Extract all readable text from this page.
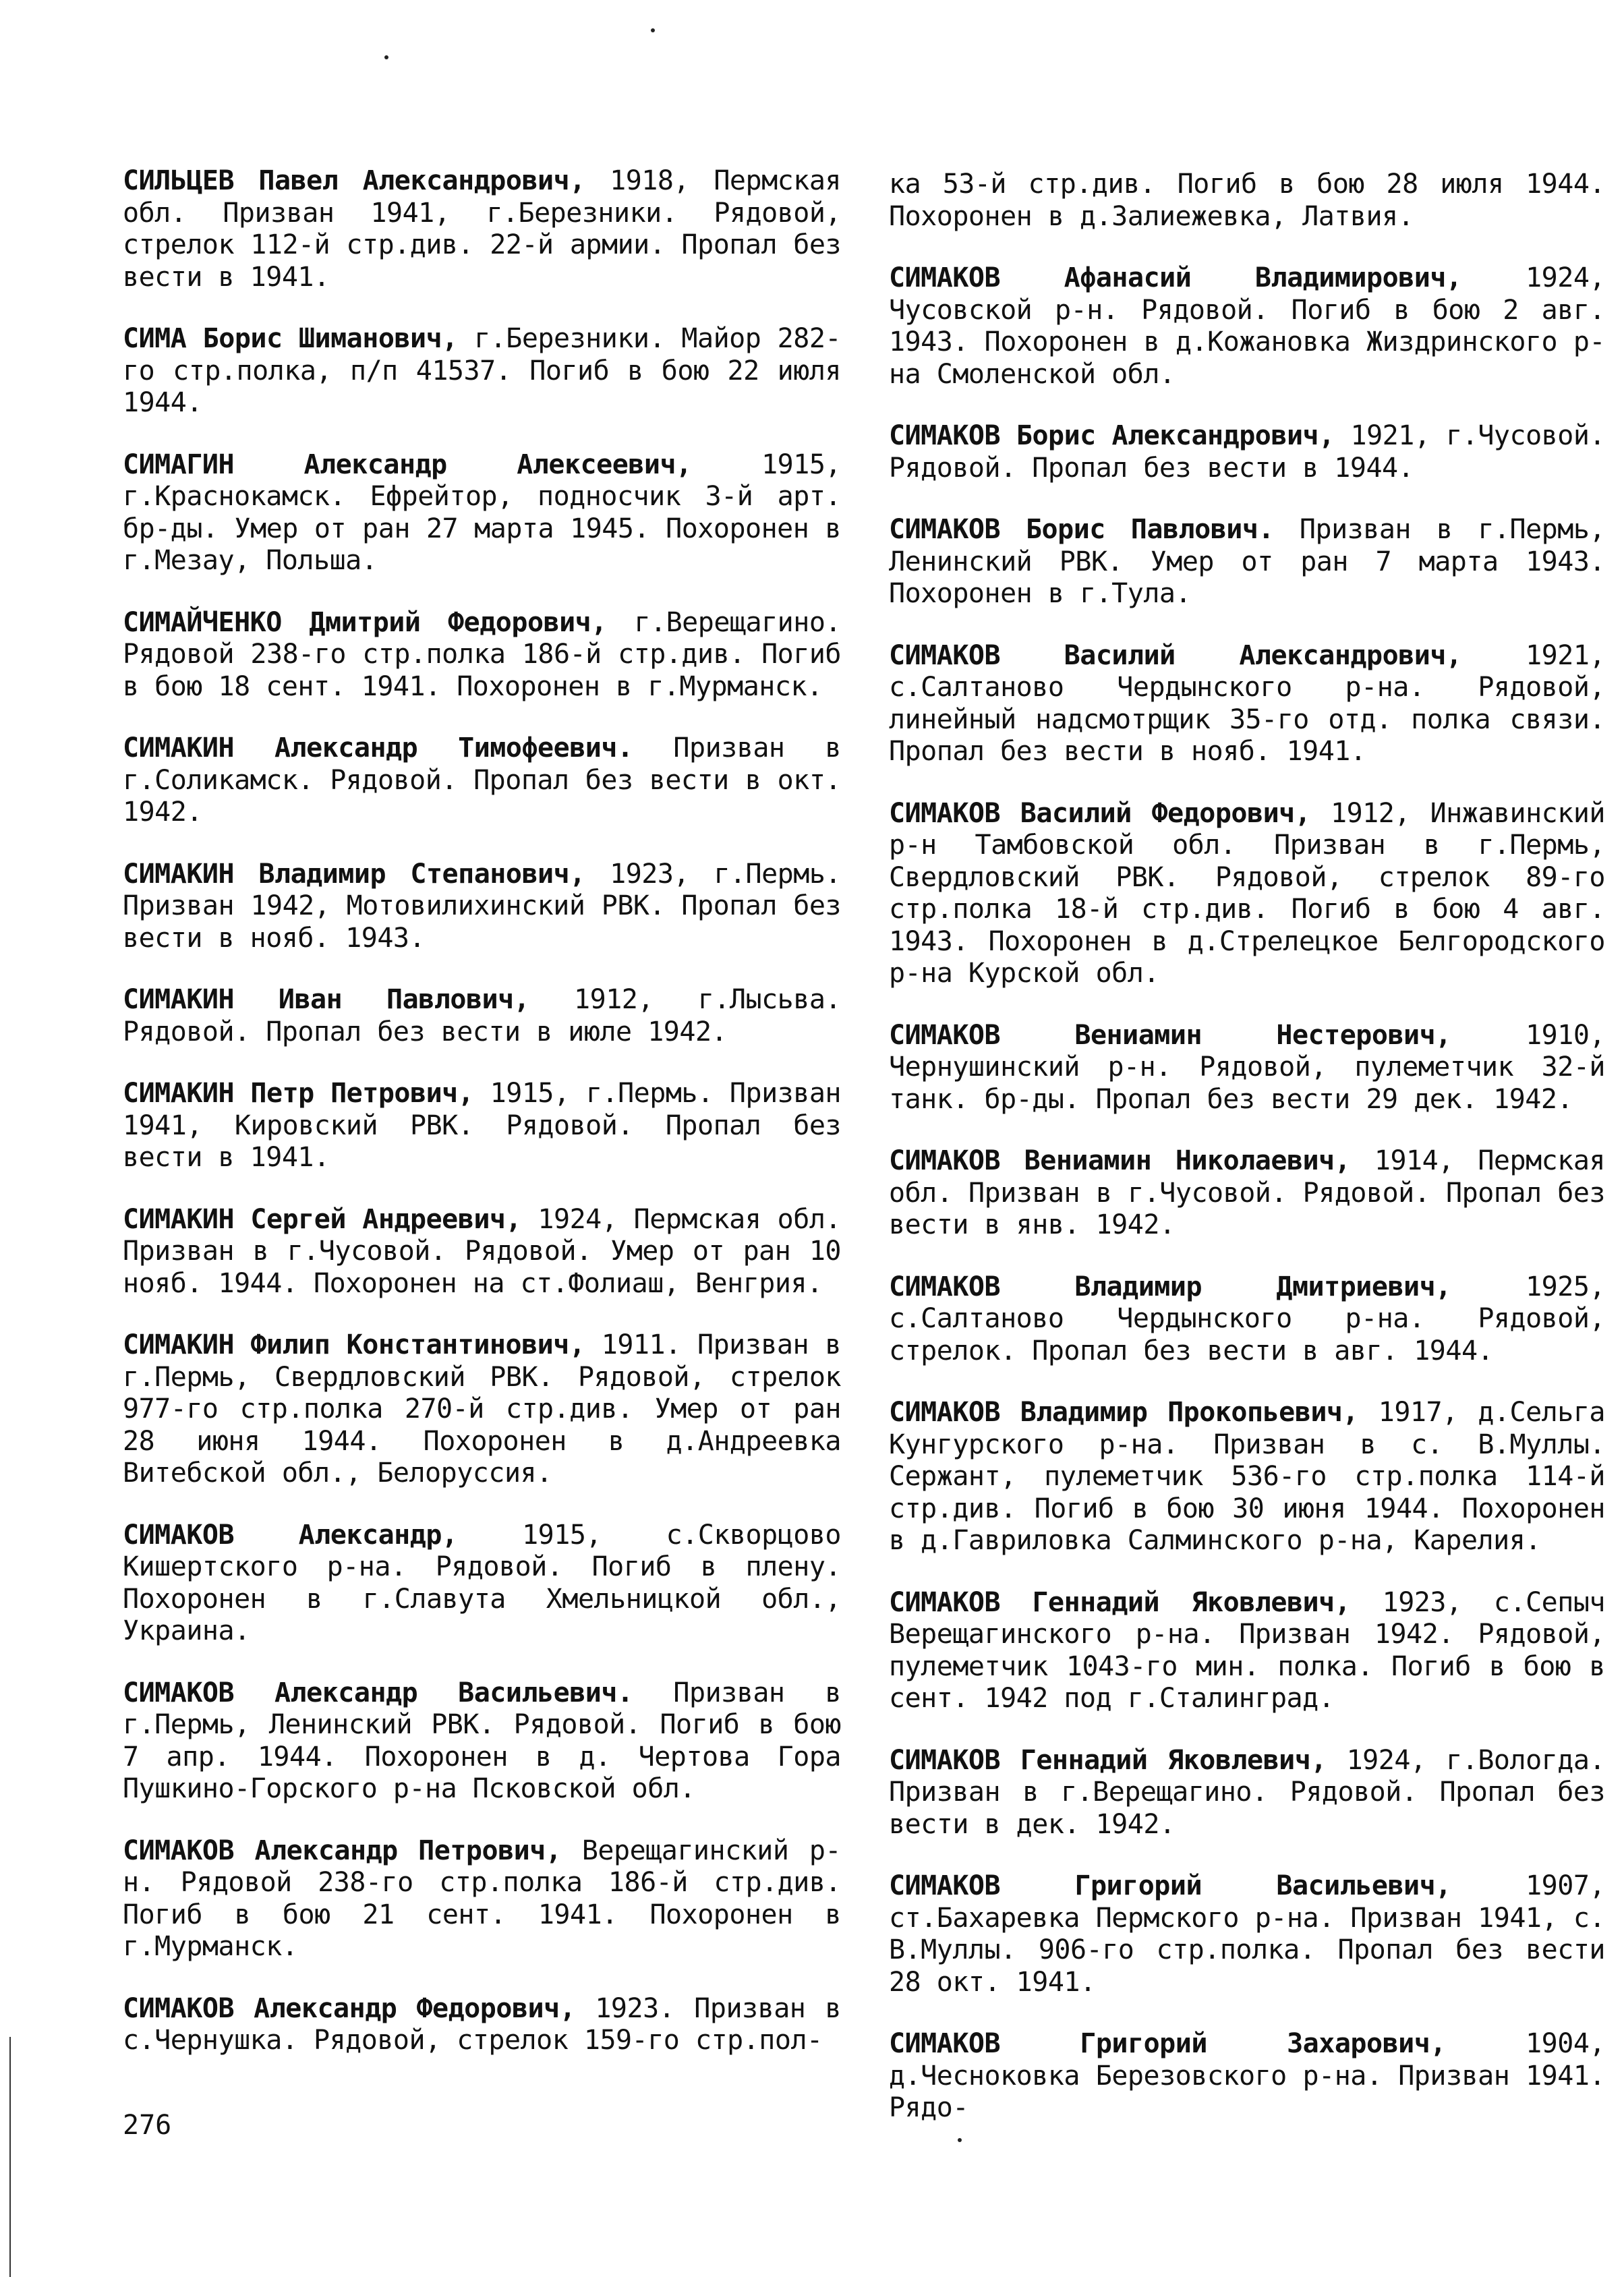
СИЛЬЦЕВ Павел Александрович, 1918, Пермская обл. Призван 1941, г.Березники. Рядовой, стрелок 112-й стр.див. 22-й армии. Пропал без вести в 1941.

СИМА Борис Шиманович, г.Березники. Майор 282-го стр.полка, п/п 41537. Погиб в бою 22 июля 1944.

СИМАГИН Александр Алексеевич, 1915, г.Краснокамск. Ефрейтор, подносчик 3-й арт. бр-ды. Умер от ран 27 марта 1945. Похоронен в г.Мезау, Польша.

СИМАЙЧЕНКО Дмитрий Федорович, г.Верещагино. Рядовой 238-го стр.полка 186-й стр.див. Погиб в бою 18 сент. 1941. Похоронен в г.Мурманск.

СИМАКИН Александр Тимофеевич. Призван в г.Соликамск. Рядовой. Пропал без вести в окт. 1942.

СИМАКИН Владимир Степанович, 1923, г.Пермь. Призван 1942, Мотовилихинский РВК. Пропал без вести в нояб. 1943.

СИМАКИН Иван Павлович, 1912, г.Лысьва. Рядовой. Пропал без вести в июле 1942.

СИМАКИН Петр Петрович, 1915, г.Пермь. Призван 1941, Кировский РВК. Рядовой. Пропал без вести в 1941.

СИМАКИН Сергей Андреевич, 1924, Пермская обл. Призван в г.Чусовой. Рядовой. Умер от ран 10 нояб. 1944. Похоронен на ст.Фолиаш, Венгрия.

СИМАКИН Филип Константинович, 1911. Призван в г.Пермь, Свердловский РВК. Рядовой, стрелок 977-го стр.полка 270-й стр.див. Умер от ран 28 июня 1944. Похоронен в д.Андреевка Витебской обл., Белоруссия.

СИМАКОВ Александр, 1915, с.Скворцово Кишертского р-на. Рядовой. Погиб в плену. Похоронен в г.Славута Хмельницкой обл., Украина.

СИМАКОВ Александр Васильевич. Призван в г.Пермь, Ленинский РВК. Рядовой. Погиб в бою 7 апр. 1944. Похоронен в д. Чертова Гора Пушкино-Горского р-на Псковской обл.

СИМАКОВ Александр Петрович, Верещагинский р-н. Рядовой 238-го стр.полка 186-й стр.див. Погиб в бою 21 сент. 1941. Похоронен в г.Мурманск.

СИМАКОВ Александр Федорович, 1923. Призван в с.Чернушка. Рядовой, стрелок 159-го стр.пол-

ка 53-й стр.див. Погиб в бою 28 июля 1944. Похоронен в д.Залиежевка, Латвия.

СИМАКОВ Афанасий Владимирович, 1924, Чусовской р-н. Рядовой. Погиб в бою 2 авг. 1943. Похоронен в д.Кожановка Жиздринского р-на Смоленской обл.

СИМАКОВ Борис Александрович, 1921, г.Чусовой. Рядовой. Пропал без вести в 1944.

СИМАКОВ Борис Павлович. Призван в г.Пермь, Ленинский РВК. Умер от ран 7 марта 1943. Похоронен в г.Тула.

СИМАКОВ Василий Александрович, 1921, с.Салтаново Чердынского р-на. Рядовой, линейный надсмотрщик 35-го отд. полка связи. Пропал без вести в нояб. 1941.

СИМАКОВ Василий Федорович, 1912, Инжавинский р-н Тамбовской обл. Призван в г.Пермь, Свердловский РВК. Рядовой, стрелок 89-го стр.полка 18-й стр.див. Погиб в бою 4 авг. 1943. Похоронен в д.Стрелецкое Белгородского р-на Курской обл.

СИМАКОВ Вениамин Нестерович, 1910, Чернушинский р-н. Рядовой, пулеметчик 32-й танк. бр-ды. Пропал без вести 29 дек. 1942.

СИМАКОВ Вениамин Николаевич, 1914, Пермская обл. Призван в г.Чусовой. Рядовой. Пропал без вести в янв. 1942.

СИМАКОВ Владимир Дмитриевич, 1925, с.Салтаново Чердынского р-на. Рядовой, стрелок. Пропал без вести в авг. 1944.

СИМАКОВ Владимир Прокопьевич, 1917, д.Сельга Кунгурского р-на. Призван в с. В.Муллы. Сержант, пулеметчик 536-го стр.полка 114-й стр.див. Погиб в бою 30 июня 1944. Похоронен в д.Гавриловка Салминского р-на, Карелия.

СИМАКОВ Геннадий Яковлевич, 1923, с.Сепыч Верещагинского р-на. Призван 1942. Рядовой, пулеметчик 1043-го мин. полка. Погиб в бою в сент. 1942 под г.Сталинград.

СИМАКОВ Геннадий Яковлевич, 1924, г.Вологда. Призван в г.Верещагино. Рядовой. Пропал без вести в дек. 1942.

СИМАКОВ Григорий Васильевич, 1907, ст.Бахаревка Пермского р-на. Призван 1941, с. В.Муллы. 906-го стр.полка. Пропал без вести 28 окт. 1941.

СИМАКОВ Григорий Захарович, 1904, д.Чесноковка Березовского р-на. Призван 1941. Рядо-

276
